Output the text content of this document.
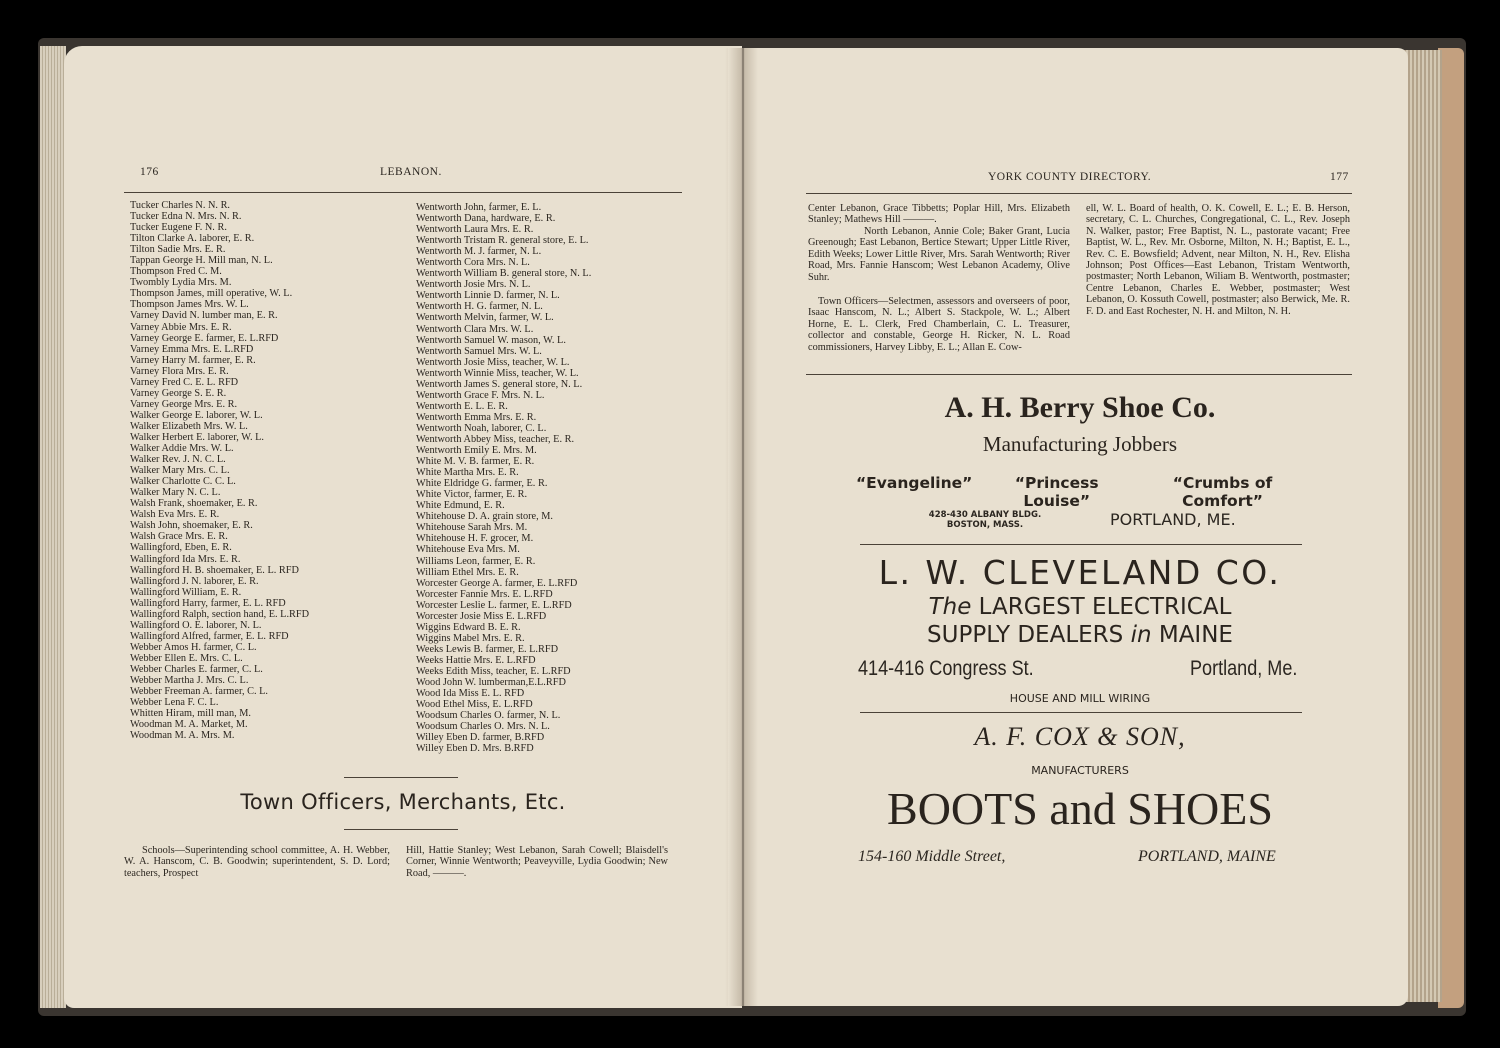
176	LEBANON.
Tucker Charles N. N. R.
Tucker Edna N. Mrs. N. R.
Tucker Eugene F. N. R.
Tilton Clarke A. laborer, E. R.
Tilton Sadie Mrs. E. R.
Tappan George H. Mill man, N. L.
Thompson Fred C. M.
Twombly Lydia Mrs. M.
Thompson James, mill operative, W. L.
Thompson James Mrs. W. L.
Varney David N. lumber man, E. R.
Varney Abbie Mrs. E. R.
Varney George E. farmer, E. L.RFD
Varney Emma Mrs. E. L.RFD
Varney Harry M. farmer, E. R.
Varney Flora Mrs. E. R.
Varney Fred C. E. L. RFD
Varney George S. E. R.
Varney George Mrs. E. R.
Walker George E. laborer, W. L.
Walker Elizabeth Mrs. W. L.
Walker Herbert E. laborer, W. L.
Walker Addie Mrs. W. L.
Walker Rev. J. N. C. L.
Walker Mary Mrs. C. L.
Walker Charlotte C. C. L.
Walker Mary N. C. L.
Walsh Frank, shoemaker, E. R.
Walsh Eva Mrs. E. R.
Walsh John, shoemaker, E. R.
Walsh Grace Mrs. E. R.
Wallingford, Eben, E. R.
Wallingford Ida Mrs. E. R.
Wallingford H. B. shoemaker, E. L. RFD
Wallingford J. N. laborer, E. R.
Wallingford William, E. R.
Wallingford Harry, farmer, E. L. RFD
Wallingford Ralph, section hand, E. L.RFD
Wallingford O. E. laborer, N. L.
Wallingford Alfred, farmer, E. L. RFD
Webber Amos H. farmer, C. L.
Webber Ellen E. Mrs. C. L.
Webber Charles E. farmer, C. L.
Webber Martha J. Mrs. C. L.
Webber Freeman A. farmer, C. L.
Webber Lena F. C. L.
Whitten Hiram, mill man, M.
Woodman M. A. Market, M.
Woodman M. A. Mrs. M.
Wentworth John, farmer, E. L.
Wentworth Dana, hardware, E. R.
Wentworth Laura Mrs. E. R.
Wentworth Tristam R. general store, E. L.
Wentworth M. J. farmer, N. L.
Wentworth Cora Mrs. N. L.
Wentworth William B. general store, N. L.
Wentworth Josie Mrs. N. L.
Wentworth Linnie D. farmer, N. L.
Wentworth H. G. farmer, N. L.
Wentworth Melvin, farmer, W. L.
Wentworth Clara Mrs. W. L.
Wentworth Samuel W. mason, W. L.
Wentworth Samuel Mrs. W. L.
Wentworth Josie Miss, teacher, W. L.
Wentworth Winnie Miss, teacher, W. L.
Wentworth James S. general store, N. L.
Wentworth Grace F. Mrs. N. L.
Wentworth E. L. E. R.
Wentworth Emma Mrs. E. R.
Wentworth Noah, laborer, C. L.
Wentworth Abbey Miss, teacher, E. R.
Wentworth Emily E. Mrs. M.
White M. V. B. farmer, E. R.
White Martha Mrs. E. R.
White Eldridge G. farmer, E. R.
White Victor, farmer, E. R.
White Edmund, E. R.
Whitehouse D. A. grain store, M.
Whitehouse Sarah Mrs. M.
Whitehouse H. F. grocer, M.
Whitehouse Eva Mrs. M.
Williams Leon, farmer, E. R.
William Ethel Mrs. E. R.
Worcester George A. farmer, E. L.RFD
Worcester Fannie Mrs. E. L.RFD
Worcester Leslie L. farmer, E. L.RFD
Worcester Josie Miss E. L.RFD
Wiggins Edward B. E. R.
Wiggins Mabel Mrs. E. R.
Weeks Lewis B. farmer, E. L.RFD
Weeks Hattie Mrs. E. L.RFD
Weeks Edith Miss, teacher, E. L.RFD
Wood John W. lumberman,E.L.RFD
Wood Ida Miss E. L. RFD
Wood Ethel Miss, E. L.RFD
Woodsum Charles O. farmer, N. L.
Woodsum Charles O. Mrs. N. L.
Willey Eben D. farmer, B.RFD
Willey Eben D. Mrs. B.RFD
Town Officers, Merchants, Etc.
Schools—Superintending school committee, A. H. Webber, W. A. Hanscom, C. B. Goodwin; superintendent, S. D. Lord; teachers, Prospect
Hill, Hattie Stanley; West Lebanon, Sarah Cowell; Blaisdell's Corner, Winnie Wentworth; Peaveyville, Lydia Goodwin; New Road, ———.
YORK COUNTY DIRECTORY.	177
Center Lebanon, Grace Tibbetts; Poplar Hill, Mrs. Elizabeth Stanley; Mathews Hill ———.
North Lebanon, Annie Cole; Baker Grant, Lucia Greenough; East Lebanon, Bertice Stewart; Upper Little River, Edith Weeks; Lower Little River, Mrs. Sarah Wentworth; River Road, Mrs. Fannie Hanscom; West Lebanon Academy, Olive Suhr.
Town Officers—Selectmen, assessors and overseers of poor, Isaac Hanscom, N. L.; Albert S. Stackpole, W. L.; Albert Horne, E. L. Clerk, Fred Chamberlain, C. L. Treasurer, collector and constable, George H. Ricker, N. L. Road commissioners, Harvey Libby, E. L.; Allan E. Cow-
ell, W. L. Board of health, O. K. Cowell, E. L.; E. B. Herson, secretary, C. L. Churches, Congregational, C. L., Rev. Joseph N. Walker, pastor; Free Baptist, N. L., pastorate vacant; Free Baptist, W. L., Rev. Mr. Osborne, Milton, N. H.; Baptist, E. L., Rev. C. E. Bowsfield; Advent, near Milton, N. H., Rev. Elisha Johnson; Post Offices—East Lebanon, Tristam Wentworth, postmaster; North Lebanon, Wiliam B. Wentworth, postmaster; Centre Lebanon, Charles E. Webber, postmaster; West Lebanon, O. Kossuth Cowell, postmaster; also Berwick, Me. R. F. D. and East Rochester, N. H. and Milton, N. H.
A. H. Berry Shoe Co.
Manufacturing Jobbers
“Evangeline”	“Princess Louise”
“Crumbs of Comfort”
428-430 ALBANY BLDG.
BOSTON, MASS.	PORTLAND, ME.
L. W. CLEVELAND CO.
The LARGEST ELECTRICAL
SUPPLY DEALERS in MAINE
414-416 Congress St.	Portland, Me.
HOUSE AND MILL WIRING
A. F. COX & SON,
MANUFACTURERS
BOOTS and SHOES
154-160 Middle Street,	PORTLAND, MAINE
